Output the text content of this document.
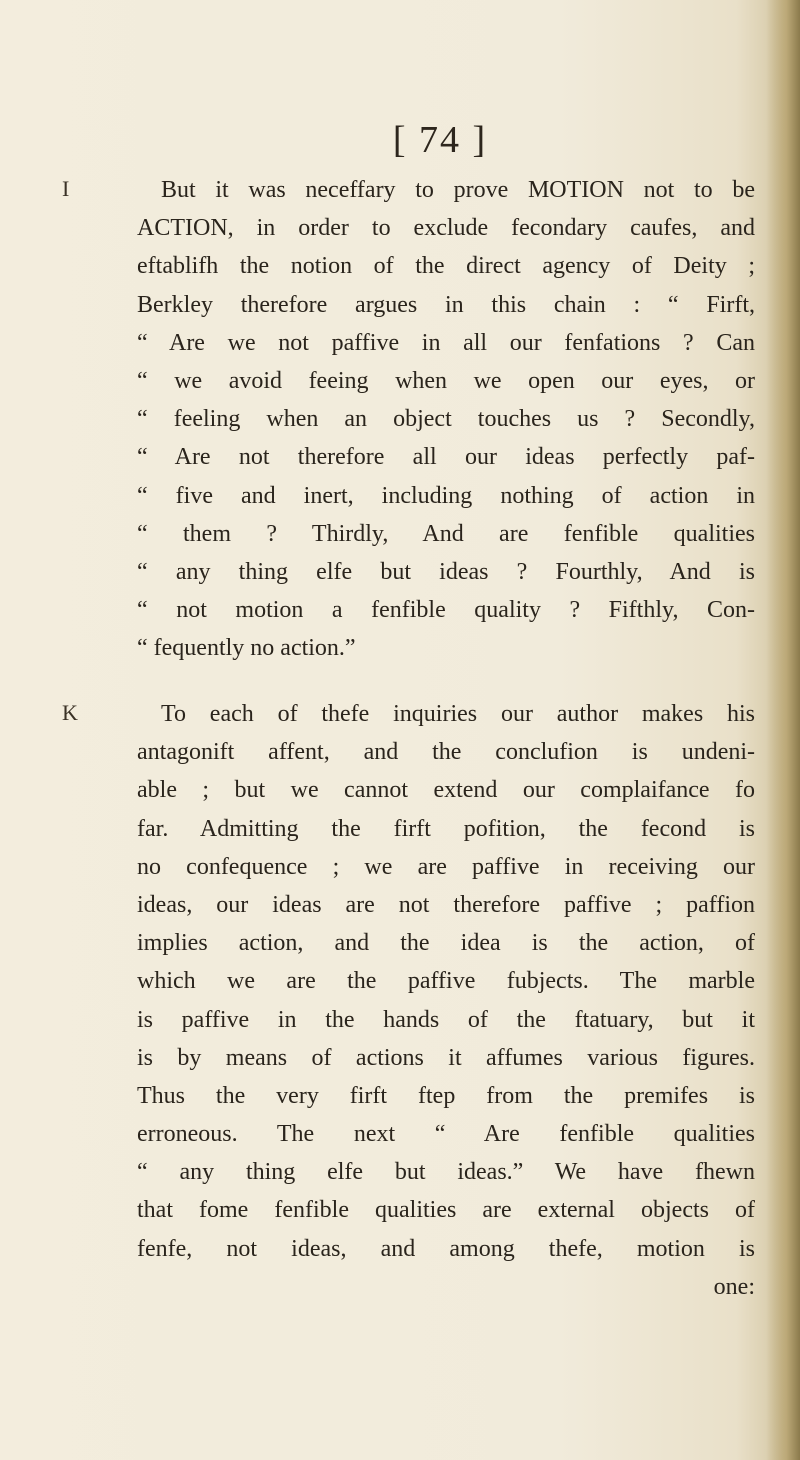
[ 74 ]
I
K
But it was neceffary to prove MOTION not to be
ACTION, in order to exclude fecondary caufes, and
eftablifh the notion of the direct agency of Deity ;
Berkley therefore argues in this chain : “ Firft,
“ Are we not paffive in all our fenfations ? Can
“ we avoid feeing when we open our eyes, or
“ feeling when an object touches us ? Secondly,
“ Are not therefore all our ideas perfectly paf-
“ five and inert, including nothing of action in
“ them ? Thirdly, And are fenfible qualities
“ any thing elfe but ideas ? Fourthly, And is
“ not motion a fenfible quality ? Fifthly, Con-
“ fequently no action.”
To each of thefe inquiries our author makes his
antagonift affent, and the conclufion is undeni-
able ; but we cannot extend our complaifance fo
far. Admitting the firft pofition, the fecond is
no confequence ; we are paffive in receiving our
ideas, our ideas are not therefore paffive ; paffion
implies action, and the idea is the action, of
which we are the paffive fubjects. The marble
is paffive in the hands of the ftatuary, but it
is by means of actions it affumes various figures.
Thus the very firft ftep from the premifes is
erroneous. The next “ Are fenfible qualities
“ any thing elfe but ideas.” We have fhewn
that fome fenfible qualities are external objects of
fenfe, not ideas, and among thefe, motion is
one:
